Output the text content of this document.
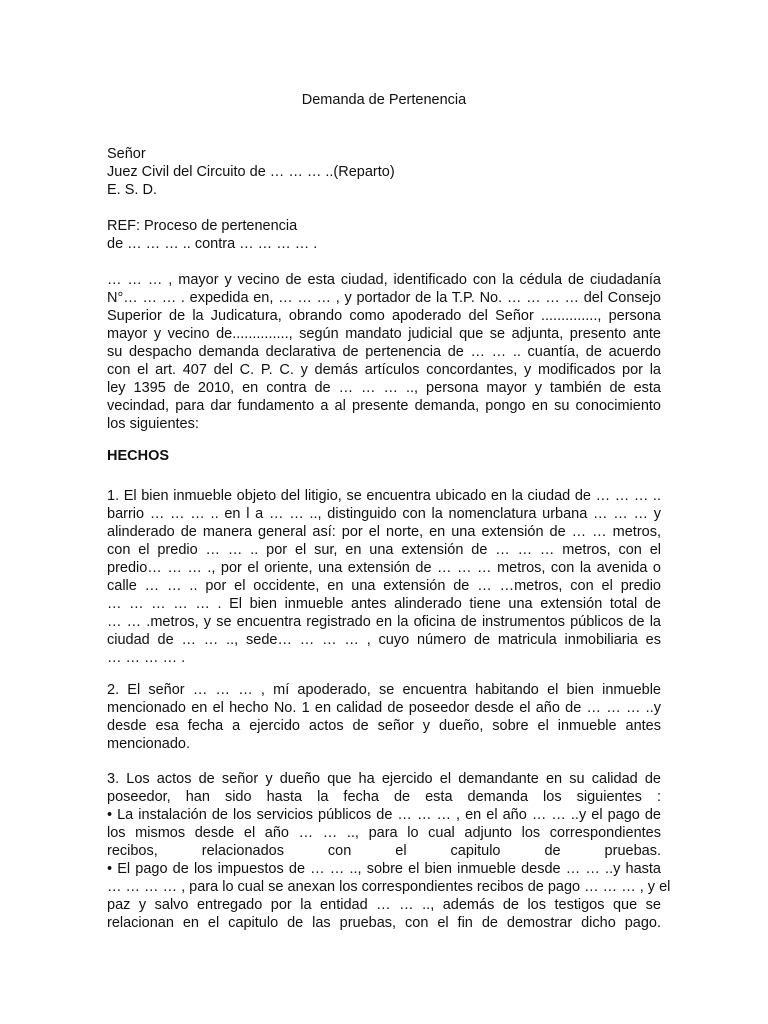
Demanda de Pertenencia
Señor
Juez Civil del Circuito de … … … ..(Reparto)
E. S. D.
REF: Proceso de pertenencia
de … … … .. contra … … … … .
… … … , mayor y vecino de esta ciudad, identificado con la cédula de ciudadanía
N°… … … . expedida en, … … … , y portador de la T.P. No. … … … … del Consejo
Superior de la Judicatura, obrando como apoderado del Señor .............., persona
mayor y vecino de.............., según mandato judicial que se adjunta, presento ante
su despacho demanda declarativa de pertenencia de … … .. cuantía, de acuerdo
con el art. 407 del C. P. C. y demás artículos concordantes, y modificados por la
ley 1395 de 2010, en contra de … … … .., persona mayor y también de esta
vecindad, para dar fundamento a al presente demanda, pongo en su conocimiento
los siguientes:
HECHOS
1. El bien inmueble objeto del litigio, se encuentra ubicado en la ciudad de … … … ..
barrio … … … .. en l a … … .., distinguido con la nomenclatura urbana … … … y
alinderado de manera general así: por el norte, en una extensión de … … metros,
con el predio … … .. por el sur, en una extensión de … … … metros, con el
predio… … … ., por el oriente, una extensión de … … … metros, con la avenida o
calle … … .. por el occidente, en una extensión de … …metros, con el predio
… … … … … . El bien inmueble antes alinderado tiene una extensión total de
… … .metros, y se encuentra registrado en la oficina de instrumentos públicos de la
ciudad de … … .., sede… … … … , cuyo número de matricula inmobiliaria es
… … … … .
2. El señor … … … , mí apoderado, se encuentra habitando el bien inmueble
mencionado en el hecho No. 1 en calidad de poseedor desde el año de … … … ..y
desde esa fecha a ejercido actos de señor y dueño, sobre el inmueble antes
mencionado.
3. Los actos de señor y dueño que ha ejercido el demandante en su calidad de
poseedor, han sido hasta la fecha de esta demanda los siguientes :
• La instalación de los servicios públicos de … … … , en el año … … ..y el pago de
los mismos desde el año … … .., para lo cual adjunto los correspondientes
recibos, relacionados con el capitulo de pruebas.
• El pago de los impuestos de … … .., sobre el bien inmueble desde … … ..y hasta
… … … … , para lo cual se anexan los correspondientes recibos de pago … … … , y el
paz y salvo entregado por la entidad … … .., además de los testigos que se
relacionan en el capitulo de las pruebas, con el fin de demostrar dicho pago.
